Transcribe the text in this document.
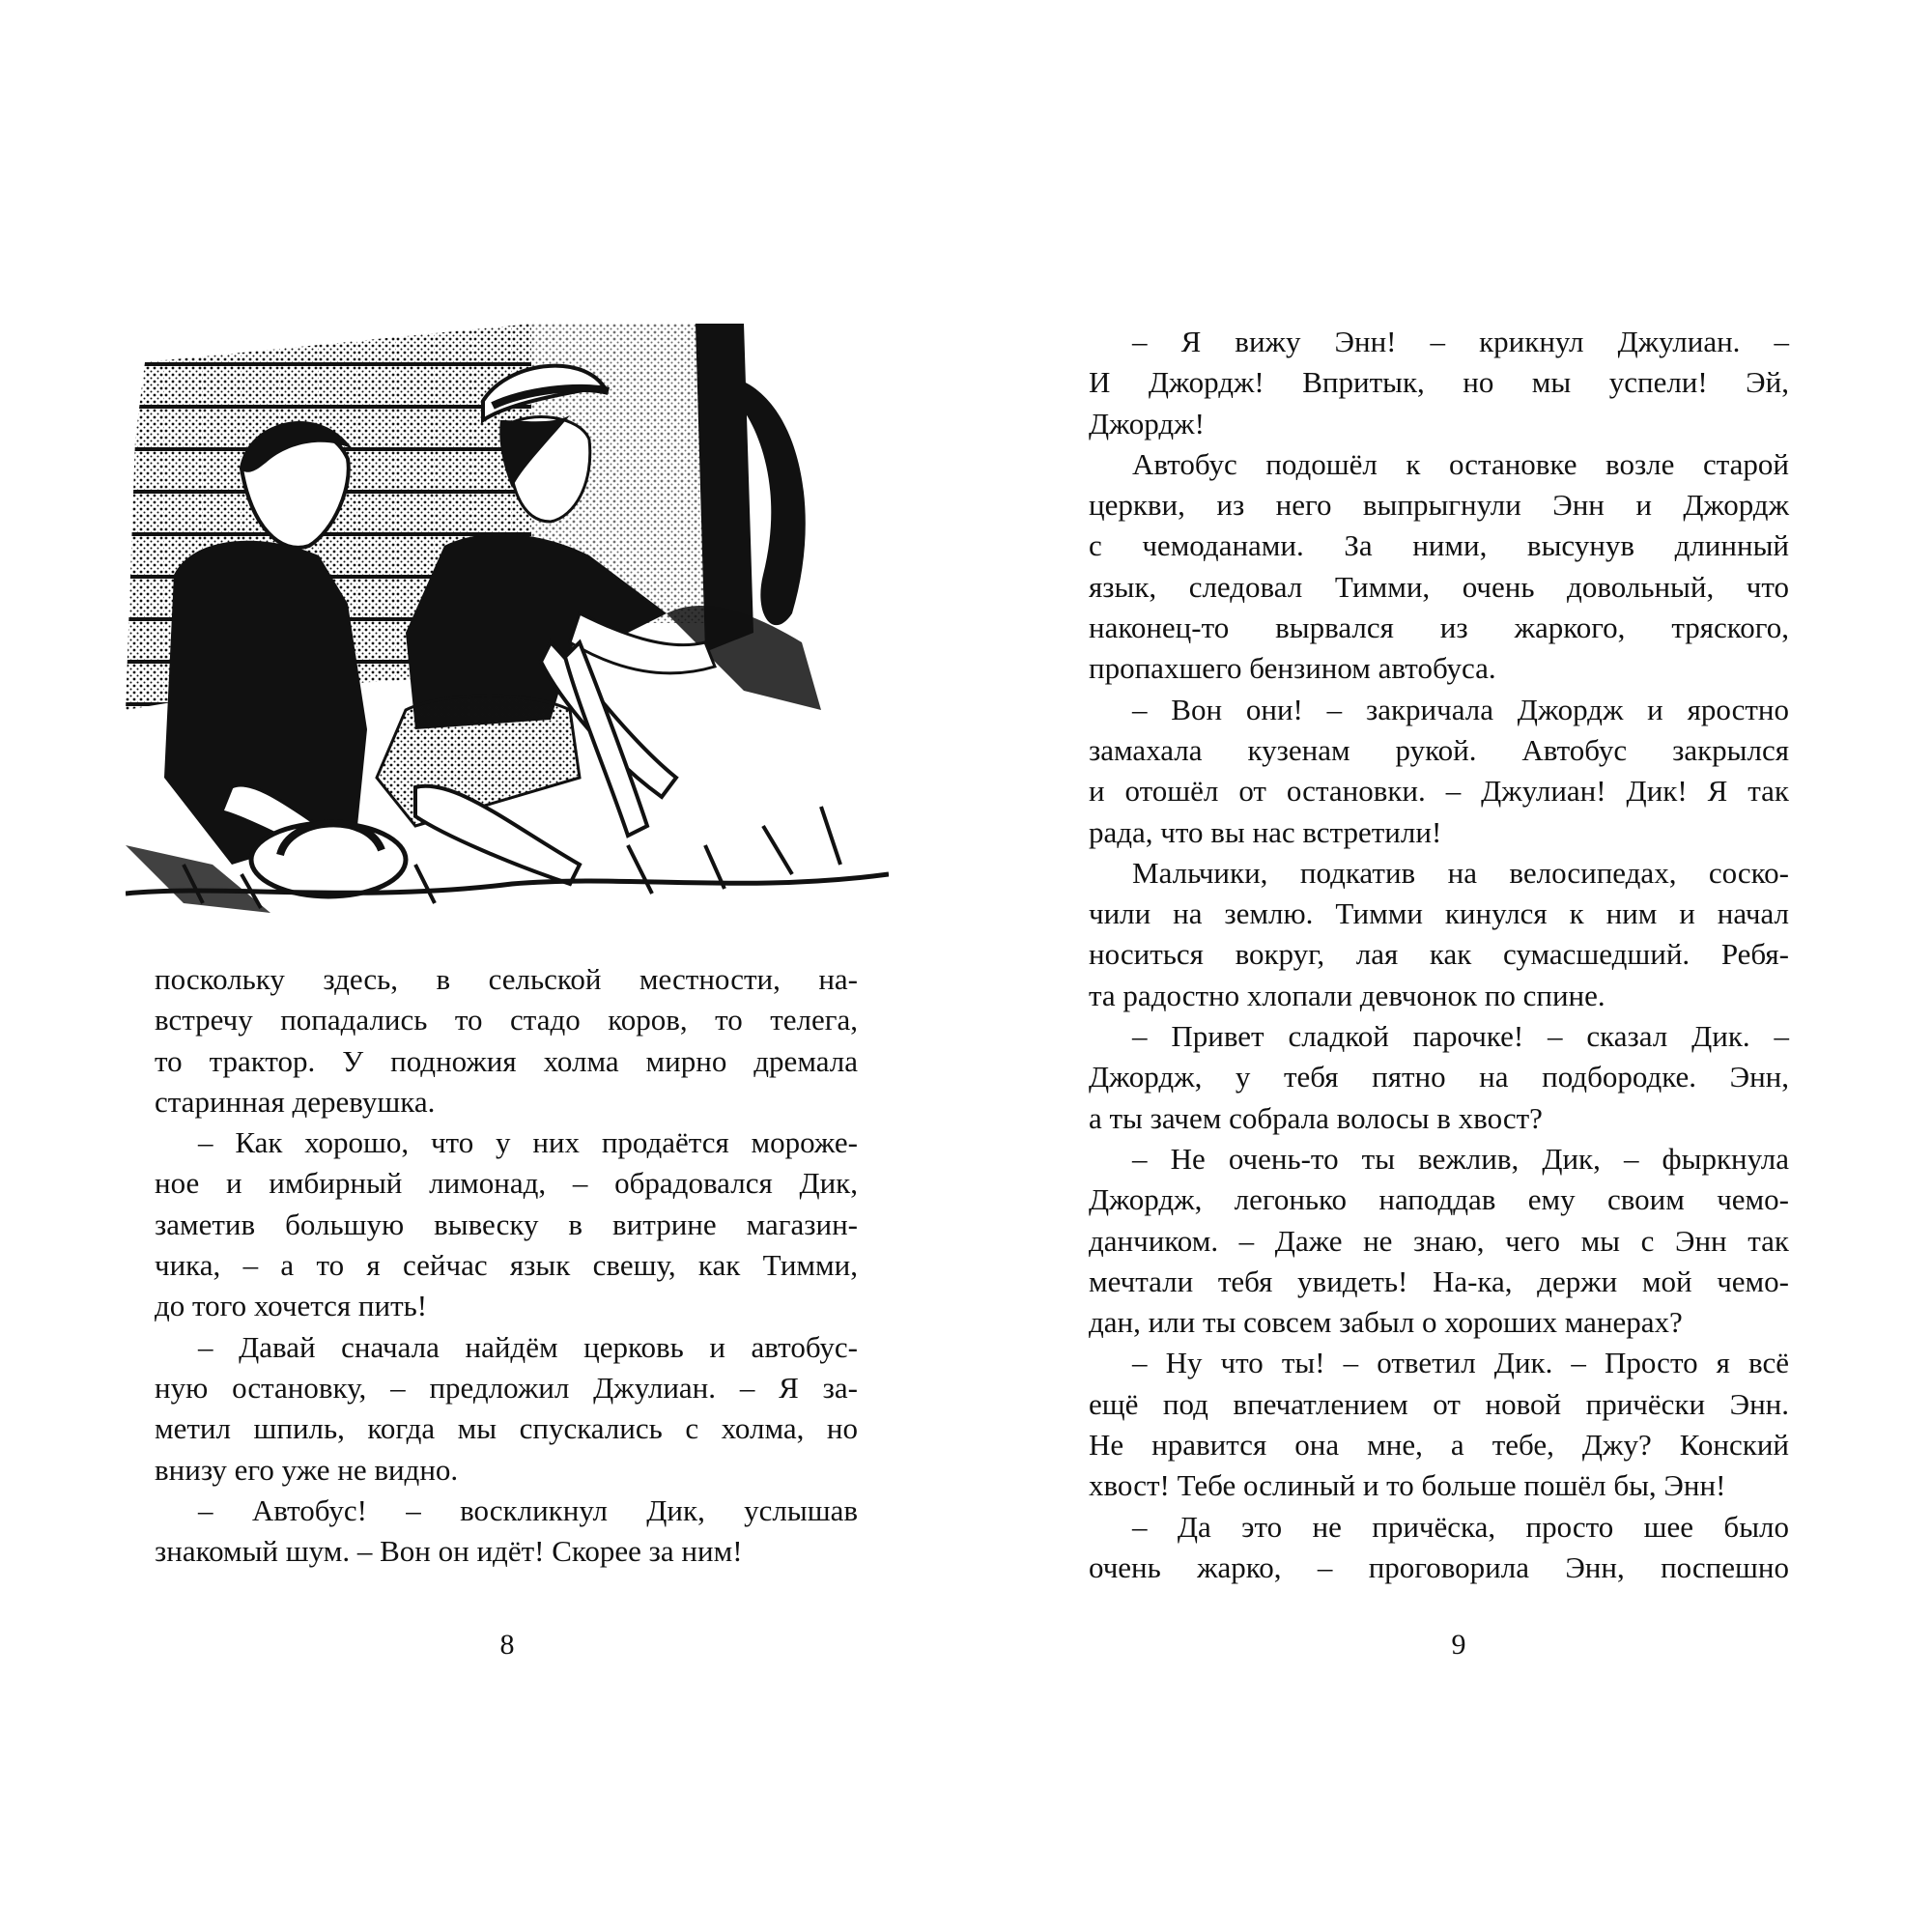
поскольку здесь, в сельской местности, на-
встречу попадались то стадо коров, то телега,
то трактор. У подножия холма мирно дремала
старинная деревушка.
– Как хорошо, что у них продаётся мороже-
ное и имбирный лимонад, – обрадовался Дик,
заметив большую вывеску в витрине магазин-
чика, – а то я сейчас язык свешу, как Тимми,
до того хочется пить!
– Давай сначала найдём церковь и автобус-
ную остановку, – предложил Джулиан. – Я за-
метил шпиль, когда мы спускались с холма, но
внизу его уже не видно.
– Автобус! – воскликнул Дик, услышав
знакомый шум. – Вон он идёт! Скорее за ним!
8
– Я вижу Энн! – крикнул Джулиан. –
И Джордж! Впритык, но мы успели! Эй,
Джордж!
Автобус подошёл к остановке возле старой
церкви, из него выпрыгнули Энн и Джордж
с чемоданами. За ними, высунув длинный
язык, следовал Тимми, очень довольный, что
наконец-то вырвался из жаркого, тряского,
пропахшего бензином автобуса.
– Вон они! – закричала Джордж и яростно
замахала кузенам рукой. Автобус закрылся
и отошёл от остановки. – Джулиан! Дик! Я так
рада, что вы нас встретили!
Мальчики, подкатив на велосипедах, соско-
чили на землю. Тимми кинулся к ним и начал
носиться вокруг, лая как сумасшедший. Ребя-
та радостно хлопали девчонок по спине.
– Привет сладкой парочке! – сказал Дик. –
Джордж, у тебя пятно на подбородке. Энн,
а ты зачем собрала волосы в хвост?
– Не очень-то ты вежлив, Дик, – фыркнула
Джордж, легонько наподдав ему своим чемо-
данчиком. – Даже не знаю, чего мы с Энн так
мечтали тебя увидеть! На-ка, держи мой чемо-
дан, или ты совсем забыл о хороших манерах?
– Ну что ты! – ответил Дик. – Просто я всё
ещё под впечатлением от новой причёски Энн.
Не нравится она мне, а тебе, Джу? Конский
хвост! Тебе ослиный и то больше пошёл бы, Энн!
– Да это не причёска, просто шее было
очень жарко, – проговорила Энн, поспешно
9
